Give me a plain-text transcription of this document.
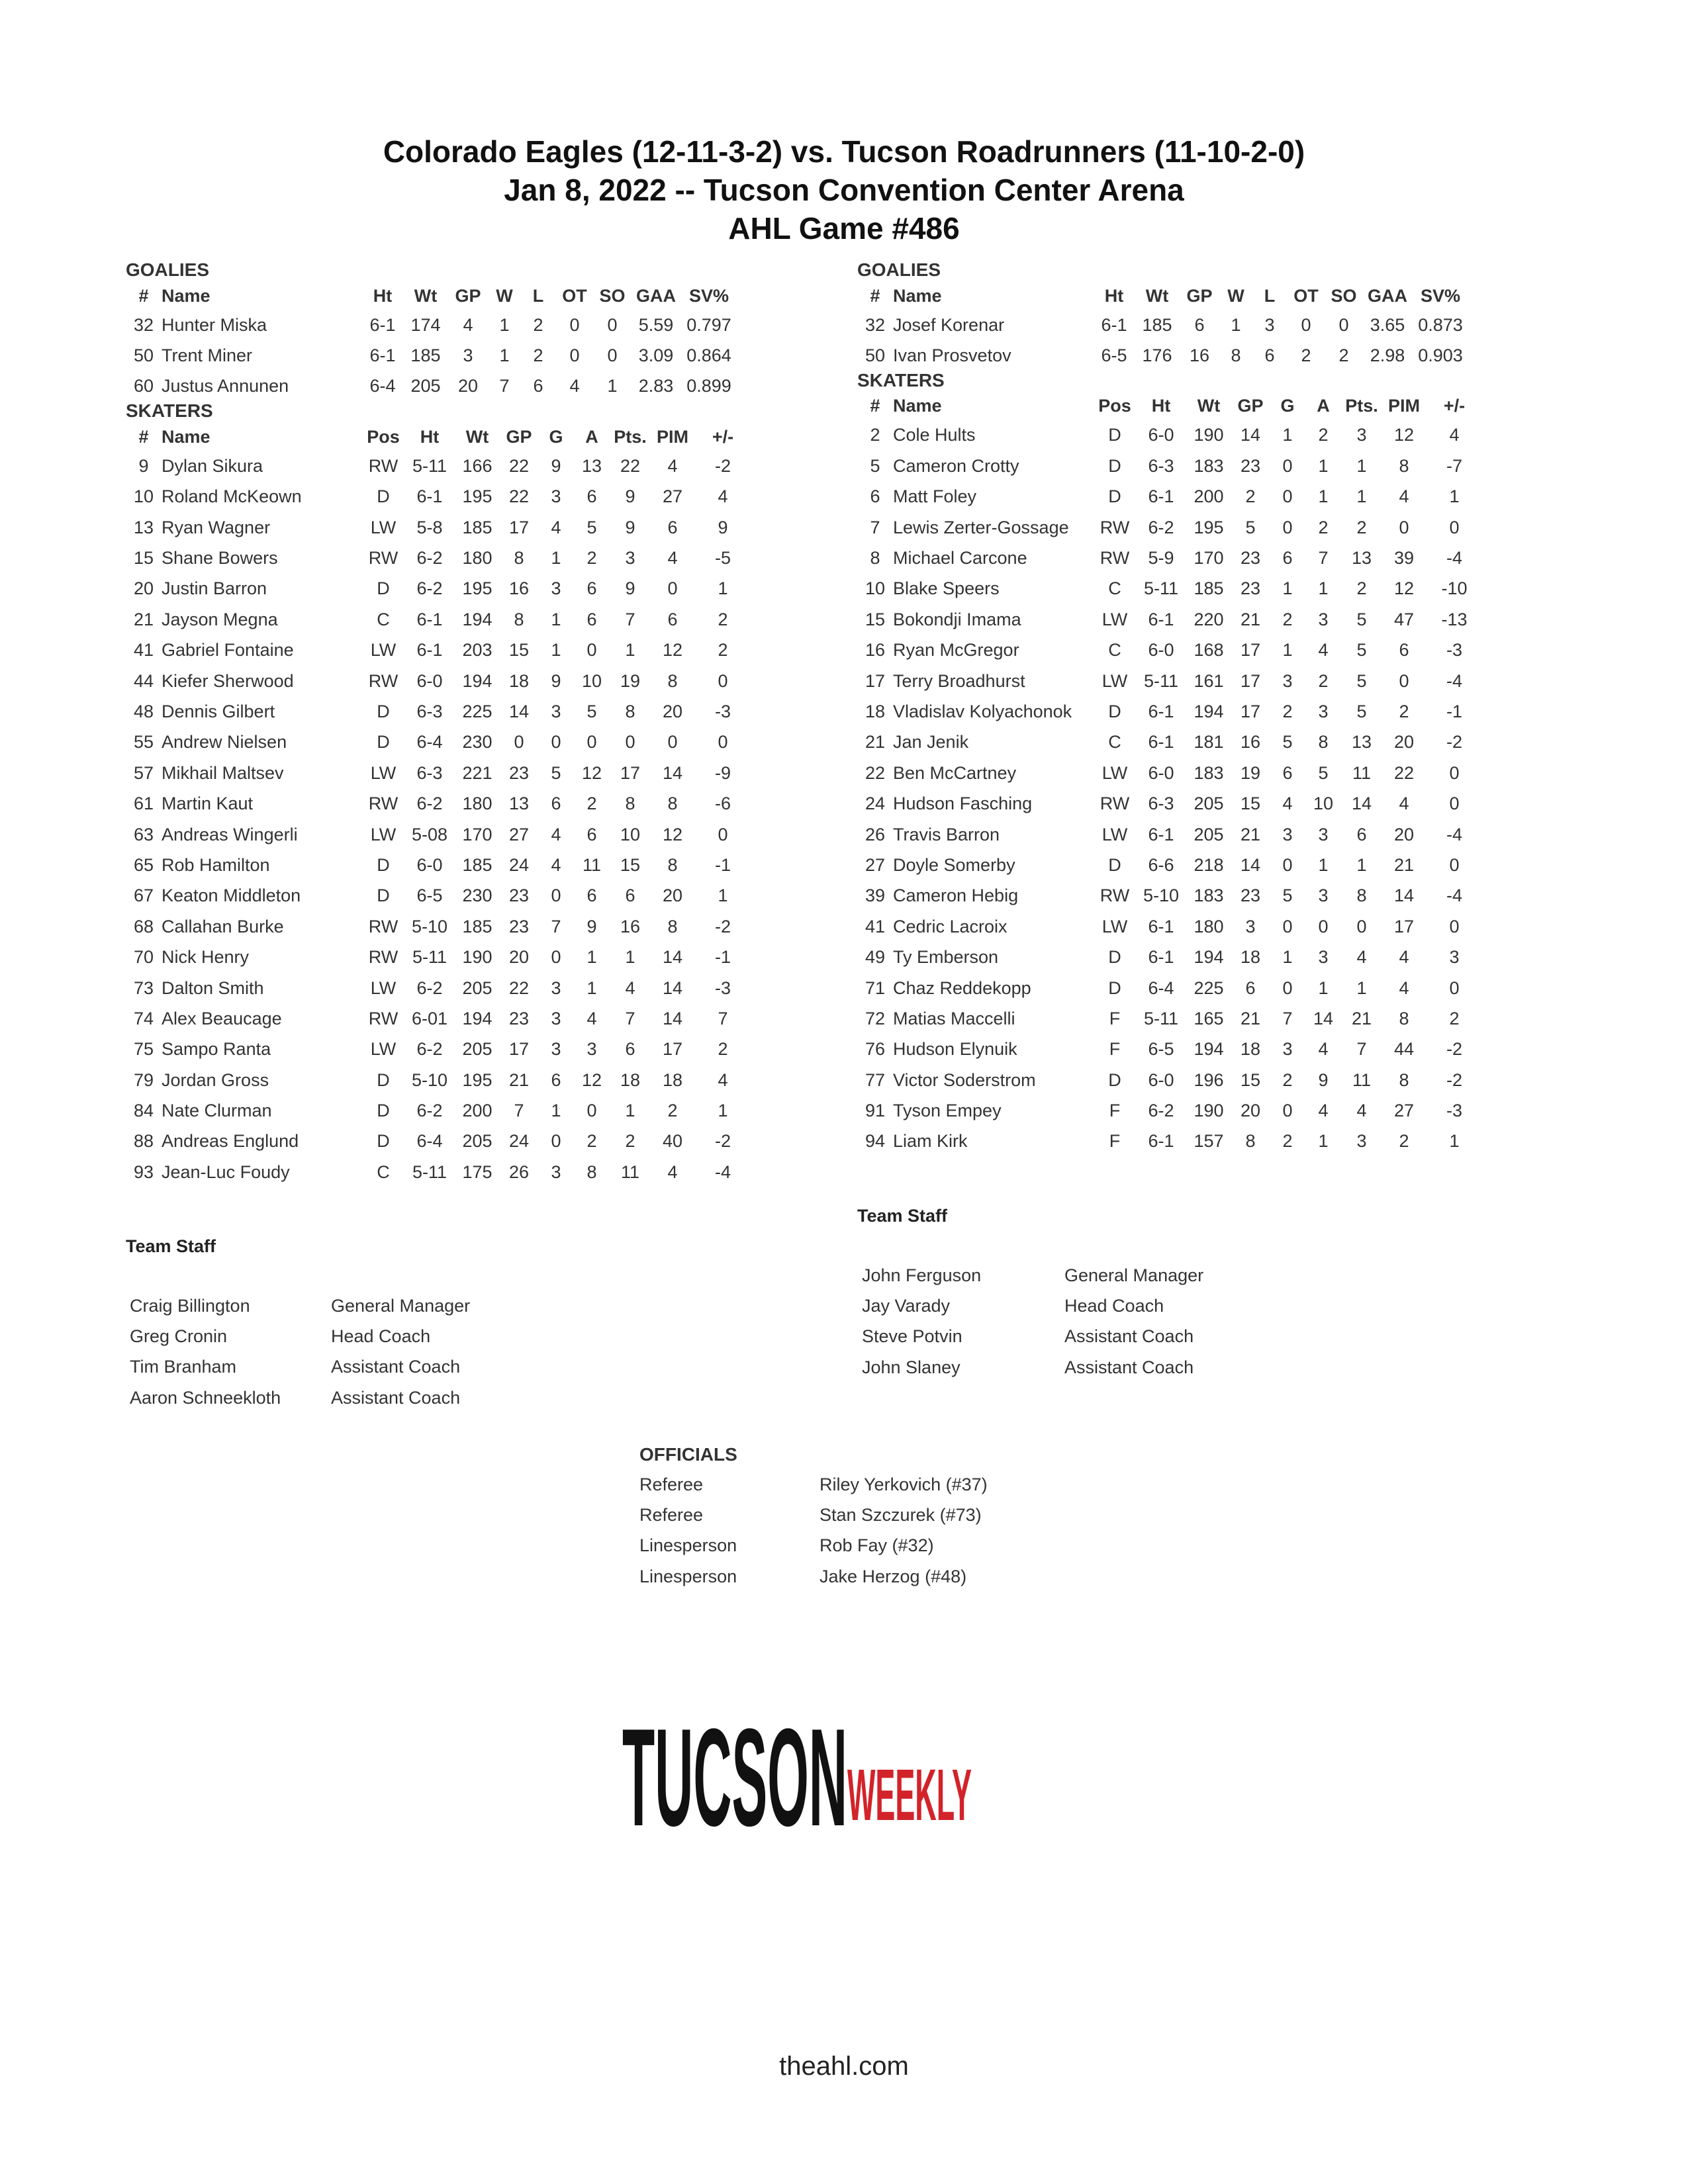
Colorado Eagles (12-11-3-2) vs. Tucson Roadrunners (11-10-2-0)
Jan 8, 2022 -- Tucson Convention Center Arena
AHL Game #486
GOALIES
#	Name	Ht	Wt	GP	W	L	OT	SO	GAA	SV%
32	Hunter Miska	6-1	174	4	1	2	0	0	5.59	0.797
50	Trent Miner	6-1	185	3	1	2	0	0	3.09	0.864
60	Justus Annunen	6-4	205	20	7	6	4	1	2.83	0.899
SKATERS
#	Name	Pos	Ht	Wt	GP	G	A	Pts.	PIM	+/-
9	Dylan Sikura	RW	5-11	166	22	9	13	22	4	-2
10	Roland McKeown	D	6-1	195	22	3	6	9	27	4
13	Ryan Wagner	LW	5-8	185	17	4	5	9	6	9
15	Shane Bowers	RW	6-2	180	8	1	2	3	4	-5
20	Justin Barron	D	6-2	195	16	3	6	9	0	1
21	Jayson Megna	C	6-1	194	8	1	6	7	6	2
41	Gabriel Fontaine	LW	6-1	203	15	1	0	1	12	2
44	Kiefer Sherwood	RW	6-0	194	18	9	10	19	8	0
48	Dennis Gilbert	D	6-3	225	14	3	5	8	20	-3
55	Andrew Nielsen	D	6-4	230	0	0	0	0	0	0
57	Mikhail Maltsev	LW	6-3	221	23	5	12	17	14	-9
61	Martin Kaut	RW	6-2	180	13	6	2	8	8	-6
63	Andreas Wingerli	LW	5-08	170	27	4	6	10	12	0
65	Rob Hamilton	D	6-0	185	24	4	11	15	8	-1
67	Keaton Middleton	D	6-5	230	23	0	6	6	20	1
68	Callahan Burke	RW	5-10	185	23	7	9	16	8	-2
70	Nick Henry	RW	5-11	190	20	0	1	1	14	-1
73	Dalton Smith	LW	6-2	205	22	3	1	4	14	-3
74	Alex Beaucage	RW	6-01	194	23	3	4	7	14	7
75	Sampo Ranta	LW	6-2	205	17	3	3	6	17	2
79	Jordan Gross	D	5-10	195	21	6	12	18	18	4
84	Nate Clurman	D	6-2	200	7	1	0	1	2	1
88	Andreas Englund	D	6-4	205	24	0	2	2	40	-2
93	Jean-Luc Foudy	C	5-11	175	26	3	8	11	4	-4
GOALIES
#	Name	Ht	Wt	GP	W	L	OT	SO	GAA	SV%
32	Josef Korenar	6-1	185	6	1	3	0	0	3.65	0.873
50	Ivan Prosvetov	6-5	176	16	8	6	2	2	2.98	0.903
SKATERS
#	Name	Pos	Ht	Wt	GP	G	A	Pts.	PIM	+/-
2	Cole Hults	D	6-0	190	14	1	2	3	12	4
5	Cameron Crotty	D	6-3	183	23	0	1	1	8	-7
6	Matt Foley	D	6-1	200	2	0	1	1	4	1
7	Lewis Zerter-Gossage	RW	6-2	195	5	0	2	2	0	0
8	Michael Carcone	RW	5-9	170	23	6	7	13	39	-4
10	Blake Speers	C	5-11	185	23	1	1	2	12	-10
15	Bokondji Imama	LW	6-1	220	21	2	3	5	47	-13
16	Ryan McGregor	C	6-0	168	17	1	4	5	6	-3
17	Terry Broadhurst	LW	5-11	161	17	3	2	5	0	-4
18	Vladislav Kolyachonok	D	6-1	194	17	2	3	5	2	-1
21	Jan Jenik	C	6-1	181	16	5	8	13	20	-2
22	Ben McCartney	LW	6-0	183	19	6	5	11	22	0
24	Hudson Fasching	RW	6-3	205	15	4	10	14	4	0
26	Travis Barron	LW	6-1	205	21	3	3	6	20	-4
27	Doyle Somerby	D	6-6	218	14	0	1	1	21	0
39	Cameron Hebig	RW	5-10	183	23	5	3	8	14	-4
41	Cedric Lacroix	LW	6-1	180	3	0	0	0	17	0
49	Ty Emberson	D	6-1	194	18	1	3	4	4	3
71	Chaz Reddekopp	D	6-4	225	6	0	1	1	4	0
72	Matias Maccelli	F	5-11	165	21	7	14	21	8	2
76	Hudson Elynuik	F	6-5	194	18	3	4	7	44	-2
77	Victor Soderstrom	D	6-0	196	15	2	9	11	8	-2
91	Tyson Empey	F	6-2	190	20	0	4	4	27	-3
94	Liam Kirk	F	6-1	157	8	2	1	3	2	1
Team Staff
Craig Billington	General Manager
Greg Cronin	Head Coach
Tim Branham	Assistant Coach
Aaron Schneekloth	Assistant Coach
Team Staff
John Ferguson	General Manager
Jay Varady	Head Coach
Steve Potvin	Assistant Coach
John Slaney	Assistant Coach
OFFICIALS
Referee	Riley Yerkovich (#37)
Referee	Stan Szczurek (#73)
Linesperson	Rob Fay (#32)
Linesperson	Jake Herzog (#48)
TUCSON WEEKLY
theahl.com
